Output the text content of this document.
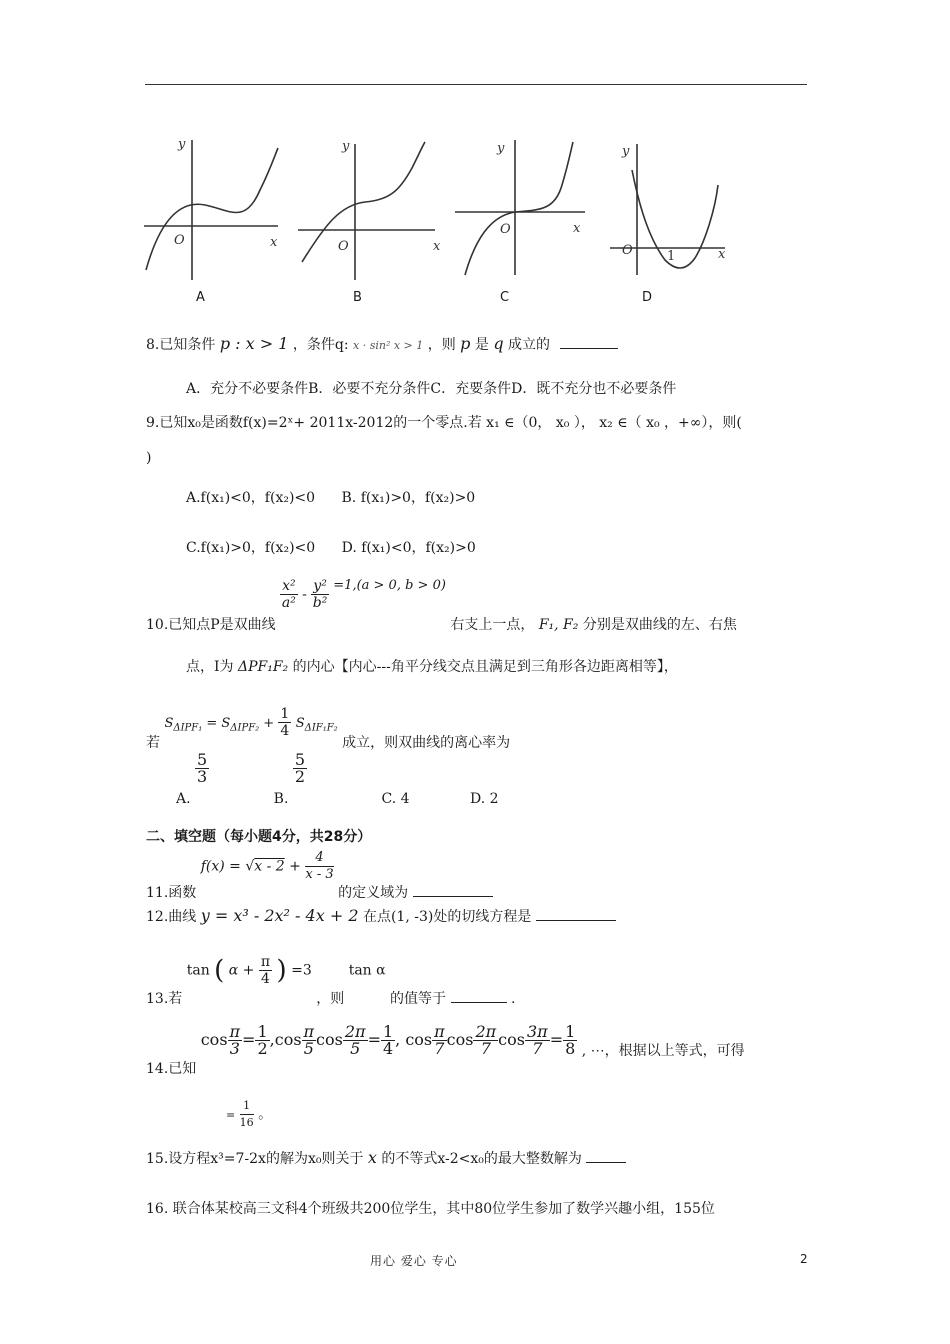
y
O	x
y
O	x
y
O	x
y
O	1	x
A	B	C	D
8.已知条件 p : x > 1 ，条件q: x · sin² x > 1 ，则 p 是 q 成立的
A．充分不必要条件B．必要不充分条件C．充要条件D．既不充分也不必要条件
9.已知x₀是函数f(x)=2ˣ+ 2011x-2012的一个零点.若 x₁ ∈（0， x₀ ）， x₂ ∈（ x₀ ，+∞），则(
)
A.f(x₁)<0，f(x₂)<0 B. f(x₁)>0，f(x₂)>0
C.f(x₁)>0，f(x₂)<0 D. f(x₁)<0，f(x₂)>0
10.已知点P是双曲线
$\frac{\text{x²}}{\text{a²}} - \frac{\text{y²}}{\text{b²}} =1,(a > 0$, b > 0) 右支上一点， F₁, F₂ 分别是双曲线的左、右焦
点，I为 ΔPF₁F₂ 的内心【内心---角平分线交点且满足到三角形各边距离相等】，
若 $S_{\Delta IPF_1} = S_{\Delta IPF_2} + \frac{1}{4} S_{\Delta IF_1F_2}$ 成立，则双曲线的离心率为
A.
$\frac{5}{3}$
B.
$\frac{5}{2}$
C. 4	D. 2
二、填空题（每小题4分，共28分）
11.函数 $f(x) = √x - 2 + \frac{4}{x - 3}$
的定义域为
12.曲线 y = x³ - 2x² - 4x + 2 在点(1, -3)处的切线方程是
13.若 tan ( $\alpha + \frac{\pi}{4}$ ) =3 ，则 tan α 的值等于	.
14.已知 $\cos \frac{\pi}{3} = \frac{1}{2} ,\cos \frac{\pi}{5}$ $\cos \frac{2\pi}{5} = \frac{1}{4}$ , $\cos \frac{\pi}{7}$ $\cos \frac{2\pi}{7}$ $\cos \frac{3\pi}{7} = \frac{1}{8}$ , ⋯，根据以上等式，可得
= $\frac{1}{16}$ 。
15.设方程x³=7-2x的解为x₀则关于 x 的不等式x-2<x₀的最大整数解为
16. 联合体某校高三文科4个班级共200位学生，其中80位学生参加了数学兴趣小组，155位
用心 爱心 专心	2
